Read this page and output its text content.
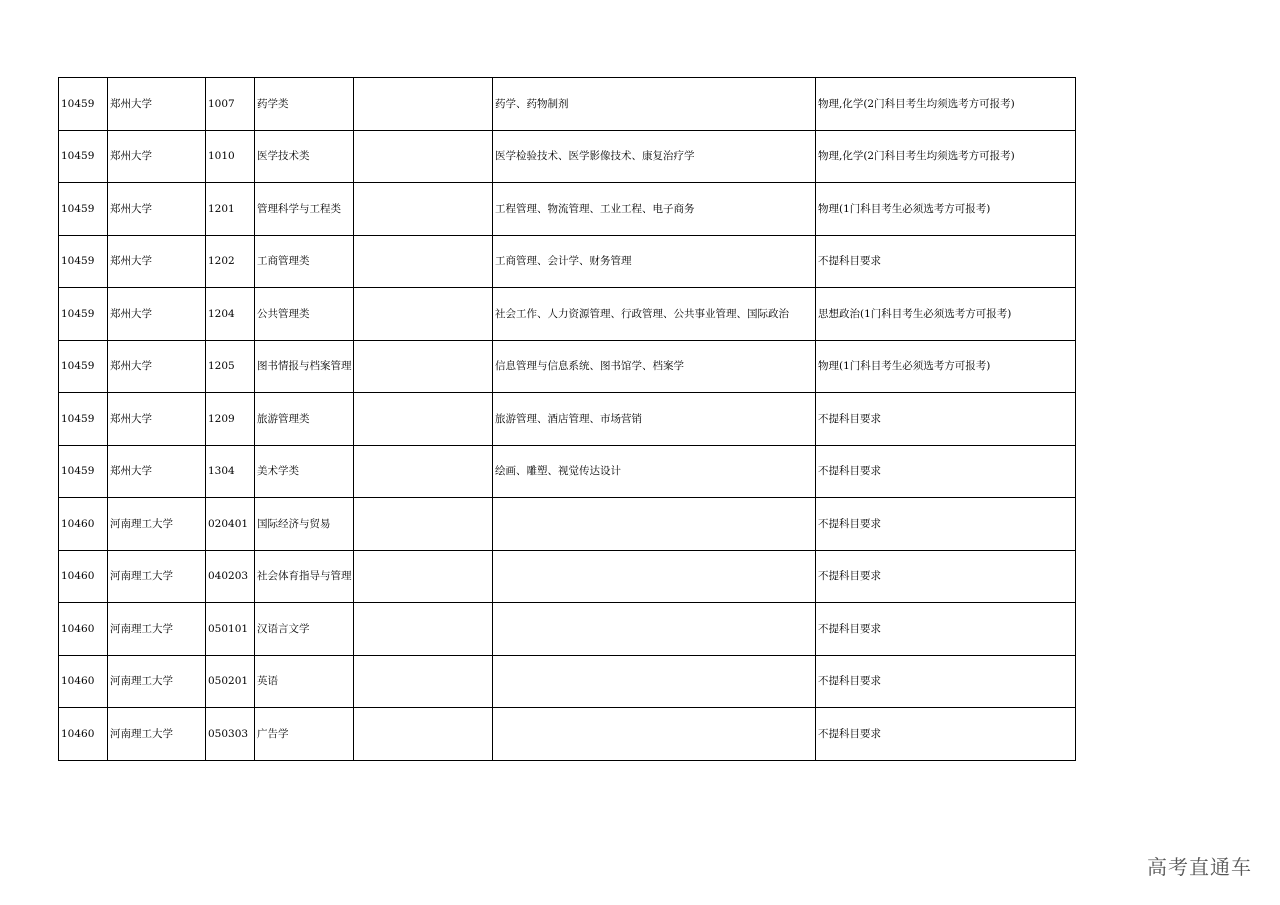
10459	郑州大学	1007	药学类		药学、药物制剂	物理,化学(2门科目考生均须选考方可报考)
10459	郑州大学	1010	医学技术类		医学检验技术、医学影像技术、康复治疗学	物理,化学(2门科目考生均须选考方可报考)
10459	郑州大学	1201	管理科学与工程类		工程管理、物流管理、工业工程、电子商务	物理(1门科目考生必须选考方可报考)
10459	郑州大学	1202	工商管理类		工商管理、会计学、财务管理	不提科目要求
10459	郑州大学	1204	公共管理类		社会工作、人力资源管理、行政管理、公共事业管理、国际政治	思想政治(1门科目考生必须选考方可报考)
10459	郑州大学	1205	图书情报与档案管理		信息管理与信息系统、图书馆学、档案学	物理(1门科目考生必须选考方可报考)
10459	郑州大学	1209	旅游管理类		旅游管理、酒店管理、市场营销	不提科目要求
10459	郑州大学	1304	美术学类		绘画、雕塑、视觉传达设计	不提科目要求
10460	河南理工大学	020401	国际经济与贸易			不提科目要求
10460	河南理工大学	040203	社会体育指导与管理			不提科目要求
10460	河南理工大学	050101	汉语言文学			不提科目要求
10460	河南理工大学	050201	英语			不提科目要求
10460	河南理工大学	050303	广告学			不提科目要求
高考直通车
